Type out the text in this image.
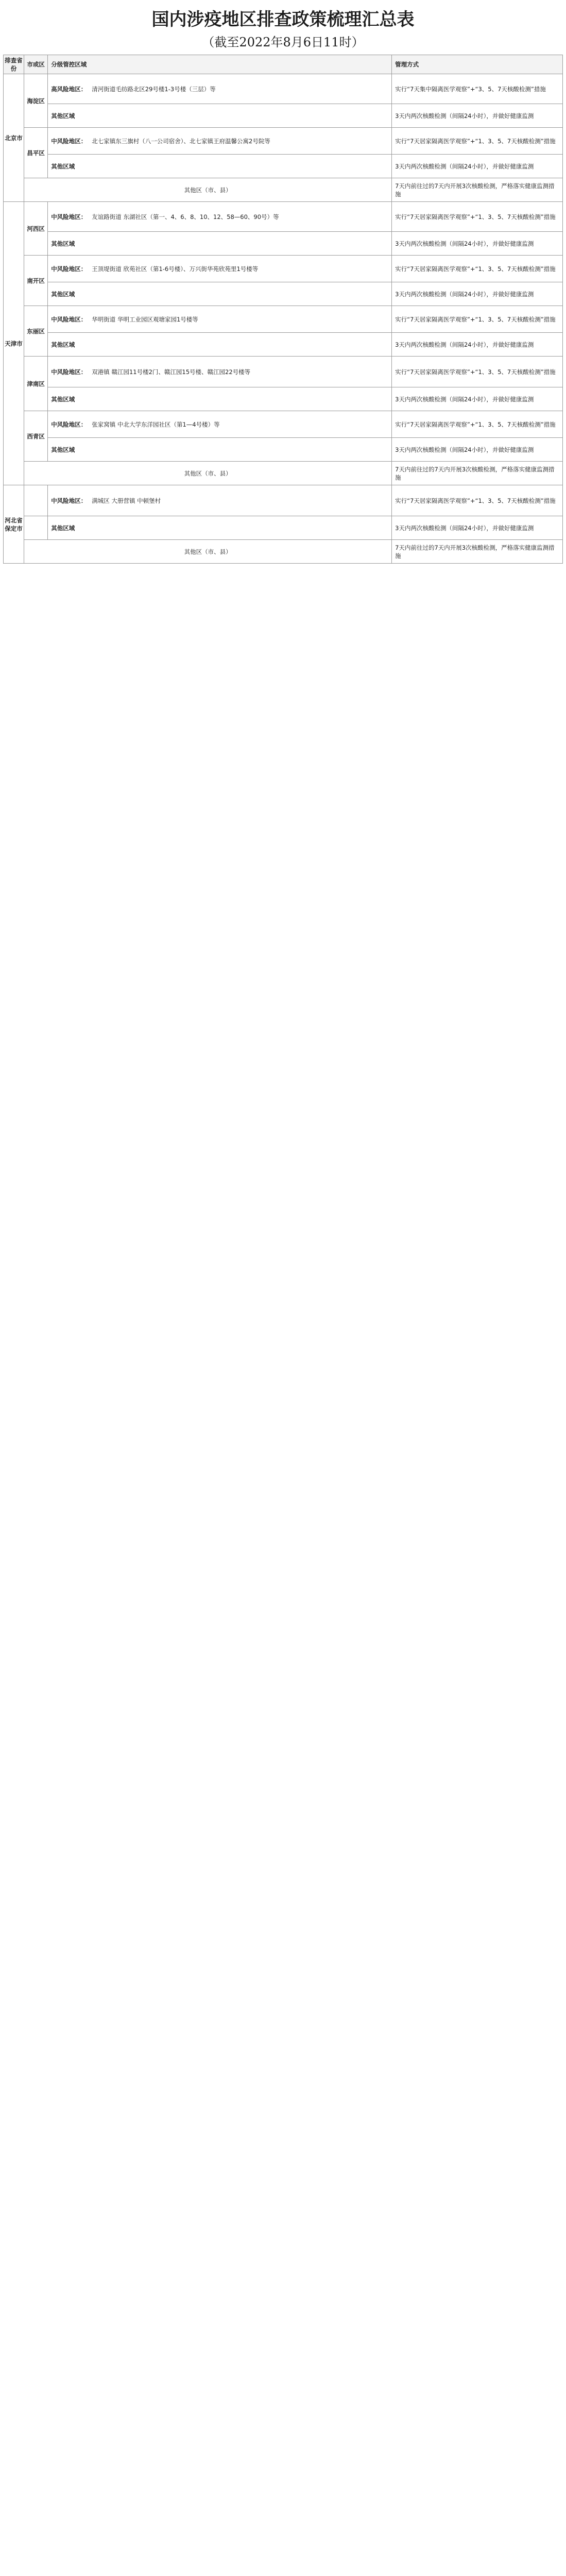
国内涉疫地区排查政策梳理汇总表
（截至2022年8月6日11时）
排查省份	市或区	分级管控区域	管理方式
北京市	海淀区	高风险地区： 清河街道毛纺路北区29号楼1-3号楼（三层）等	实行“7天集中隔离医学观察”+“3、5、7天核酸检测”措施
		其他区域	3天内两次核酸检测（间隔24小时），并做好健康监测
	昌平区	中风险地区： 北七家镇东三旗村（八一公司宿舍）、北七家镇王府温馨公寓2号院等	实行“7天居家隔离医学观察”+“1、3、5、7天核酸检测”措施
		其他区域	3天内两次核酸检测（间隔24小时），并做好健康监测
	其他区（市、县）		7天内前往过的7天内开展3次核酸检测，严格落实健康监测措施
天津市	河西区	中风险地区： 友谊路街道 东湖社区（第一、4、6、8、10、12、58—60、90号）等	实行“7天居家隔离医学观察”+“1、3、5、7天核酸检测”措施
		其他区域	3天内两次核酸检测（间隔24小时），并做好健康监测
	南开区	中风险地区： 王顶堤街道 欣苑社区（第1-6号楼）、万兴街华苑欣苑里1号楼等	实行“7天居家隔离医学观察”+“1、3、5、7天核酸检测”措施
		其他区域	3天内两次核酸检测（间隔24小时），并做好健康监测
	东丽区	中风险地区： 华明街道 华明工业园区观塘家园1号楼等	实行“7天居家隔离医学观察”+“1、3、5、7天核酸检测”措施
		其他区域	3天内两次核酸检测（间隔24小时），并做好健康监测
	津南区	中风险地区： 双港镇 赣江园11号楼2门、赣江园15号楼、赣江园22号楼等	实行“7天居家隔离医学观察”+“1、3、5、7天核酸检测”措施
		其他区域	3天内两次核酸检测（间隔24小时），并做好健康监测
	西青区	中风险地区： 张家窝镇 中北大学东洋园社区（第1—4号楼）等	实行“7天居家隔离医学观察”+“1、3、5、7天核酸检测”措施
		其他区域	3天内两次核酸检测（间隔24小时），并做好健康监测
	其他区（市、县）		7天内前往过的7天内开展3次核酸检测，严格落实健康监测措施
河北省保定市		中风险地区： 满城区 大册营镇 中顿堡村	实行“7天居家隔离医学观察”+“1、3、5、7天核酸检测”措施
		其他区域	3天内两次核酸检测（间隔24小时），并做好健康监测
	其他区（市、县）		7天内前往过的7天内开展3次核酸检测，严格落实健康监测措施
